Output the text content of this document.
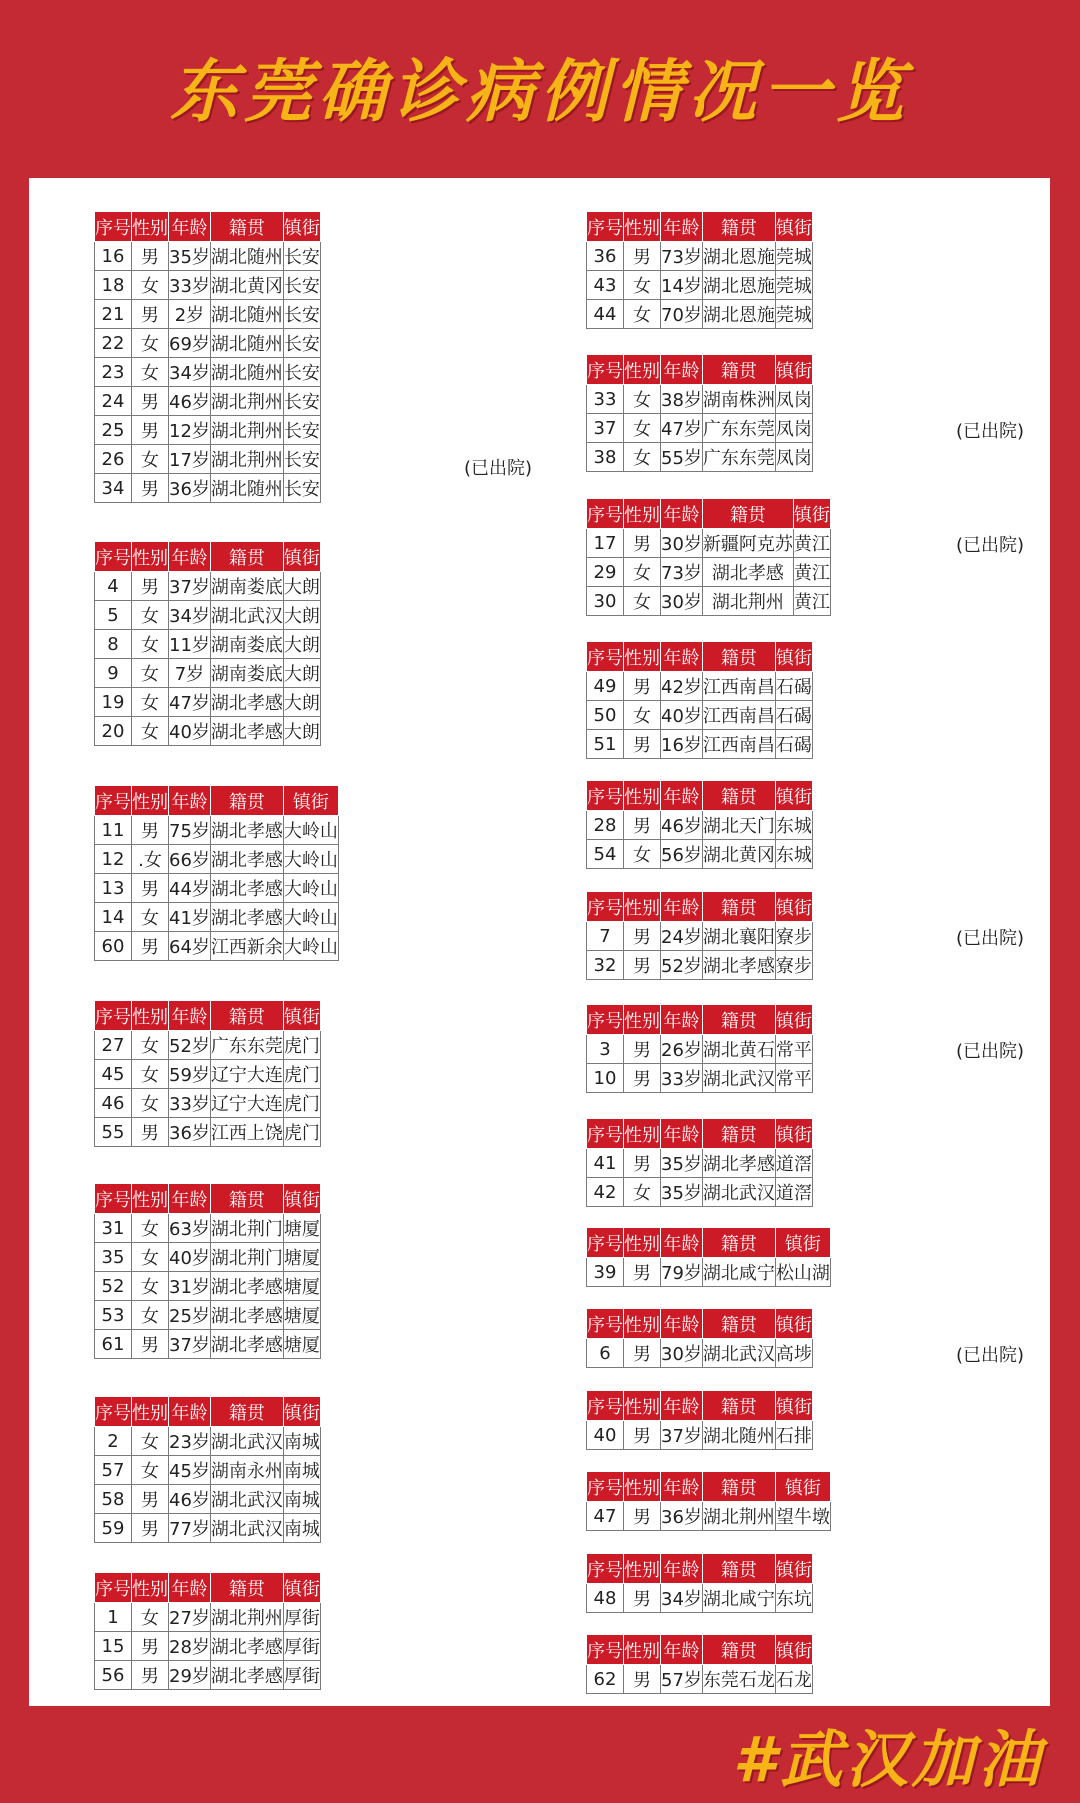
东莞确诊病例情况一览
(已出院)
序号	性别	年龄	籍贯	镇街
16	男	35岁	湖北随州	长安
18	女	33岁	湖北黄冈	长安
21	男	2岁	湖北随州	长安
22	女	69岁	湖北随州	长安
23	女	34岁	湖北随州	长安
24	男	46岁	湖北荆州	长安
25	男	12岁	湖北荆州	长安
26	女	17岁	湖北荆州	长安
34	男	36岁	湖北随州	长安
序号	性别	年龄	籍贯	镇街
4	男	37岁	湖南娄底	大朗
5	女	34岁	湖北武汉	大朗
8	女	11岁	湖南娄底	大朗
9	女	7岁	湖南娄底	大朗
19	女	47岁	湖北孝感	大朗
20	女	40岁	湖北孝感	大朗
序号	性别	年龄	籍贯	镇街
11	男	75岁	湖北孝感	大岭山
12	.女	66岁	湖北孝感	大岭山
13	男	44岁	湖北孝感	大岭山
14	女	41岁	湖北孝感	大岭山
60	男	64岁	江西新余	大岭山
序号	性别	年龄	籍贯	镇街
27	女	52岁	广东东莞	虎门
45	女	59岁	辽宁大连	虎门
46	女	33岁	辽宁大连	虎门
55	男	36岁	江西上饶	虎门
序号	性别	年龄	籍贯	镇街
31	女	63岁	湖北荆门	塘厦
35	女	40岁	湖北荆门	塘厦
52	女	31岁	湖北孝感	塘厦
53	女	25岁	湖北孝感	塘厦
61	男	37岁	湖北孝感	塘厦
序号	性别	年龄	籍贯	镇街
2	女	23岁	湖北武汉	南城
57	女	45岁	湖南永州	南城
58	男	46岁	湖北武汉	南城
59	男	77岁	湖北武汉	南城
序号	性别	年龄	籍贯	镇街
1	女	27岁	湖北荆州	厚街
15	男	28岁	湖北孝感	厚街
56	男	29岁	湖北孝感	厚街
序号	性别	年龄	籍贯	镇街
36	男	73岁	湖北恩施	莞城
43	女	14岁	湖北恩施	莞城
44	女	70岁	湖北恩施	莞城
(已出院)
序号	性别	年龄	籍贯	镇街
33	女	38岁	湖南株洲	凤岗
37	女	47岁	广东东莞	凤岗
38	女	55岁	广东东莞	凤岗
(已出院)
序号	性别	年龄	籍贯	镇街
17	男	30岁	新疆阿克苏	黄江
29	女	73岁	湖北孝感	黄江
30	女	30岁	湖北荆州	黄江
序号	性别	年龄	籍贯	镇街
49	男	42岁	江西南昌	石碣
50	女	40岁	江西南昌	石碣
51	男	16岁	江西南昌	石碣
序号	性别	年龄	籍贯	镇街
28	男	46岁	湖北天门	东城
54	女	56岁	湖北黄冈	东城
(已出院)
序号	性别	年龄	籍贯	镇街
7	男	24岁	湖北襄阳	寮步
32	男	52岁	湖北孝感	寮步
(已出院)
序号	性别	年龄	籍贯	镇街
3	男	26岁	湖北黄石	常平
10	男	33岁	湖北武汉	常平
序号	性别	年龄	籍贯	镇街
41	男	35岁	湖北孝感	道滘
42	女	35岁	湖北武汉	道滘
序号	性别	年龄	籍贯	镇街
39	男	79岁	湖北咸宁	松山湖
(已出院)
序号	性别	年龄	籍贯	镇街
6	男	30岁	湖北武汉	高埗
序号	性别	年龄	籍贯	镇街
40	男	37岁	湖北随州	石排
序号	性别	年龄	籍贯	镇街
47	男	36岁	湖北荆州	望牛墩
序号	性别	年龄	籍贯	镇街
48	男	34岁	湖北咸宁	东坑
序号	性别	年龄	籍贯	镇街
62	男	57岁	东莞石龙	石龙
#武汉加油
